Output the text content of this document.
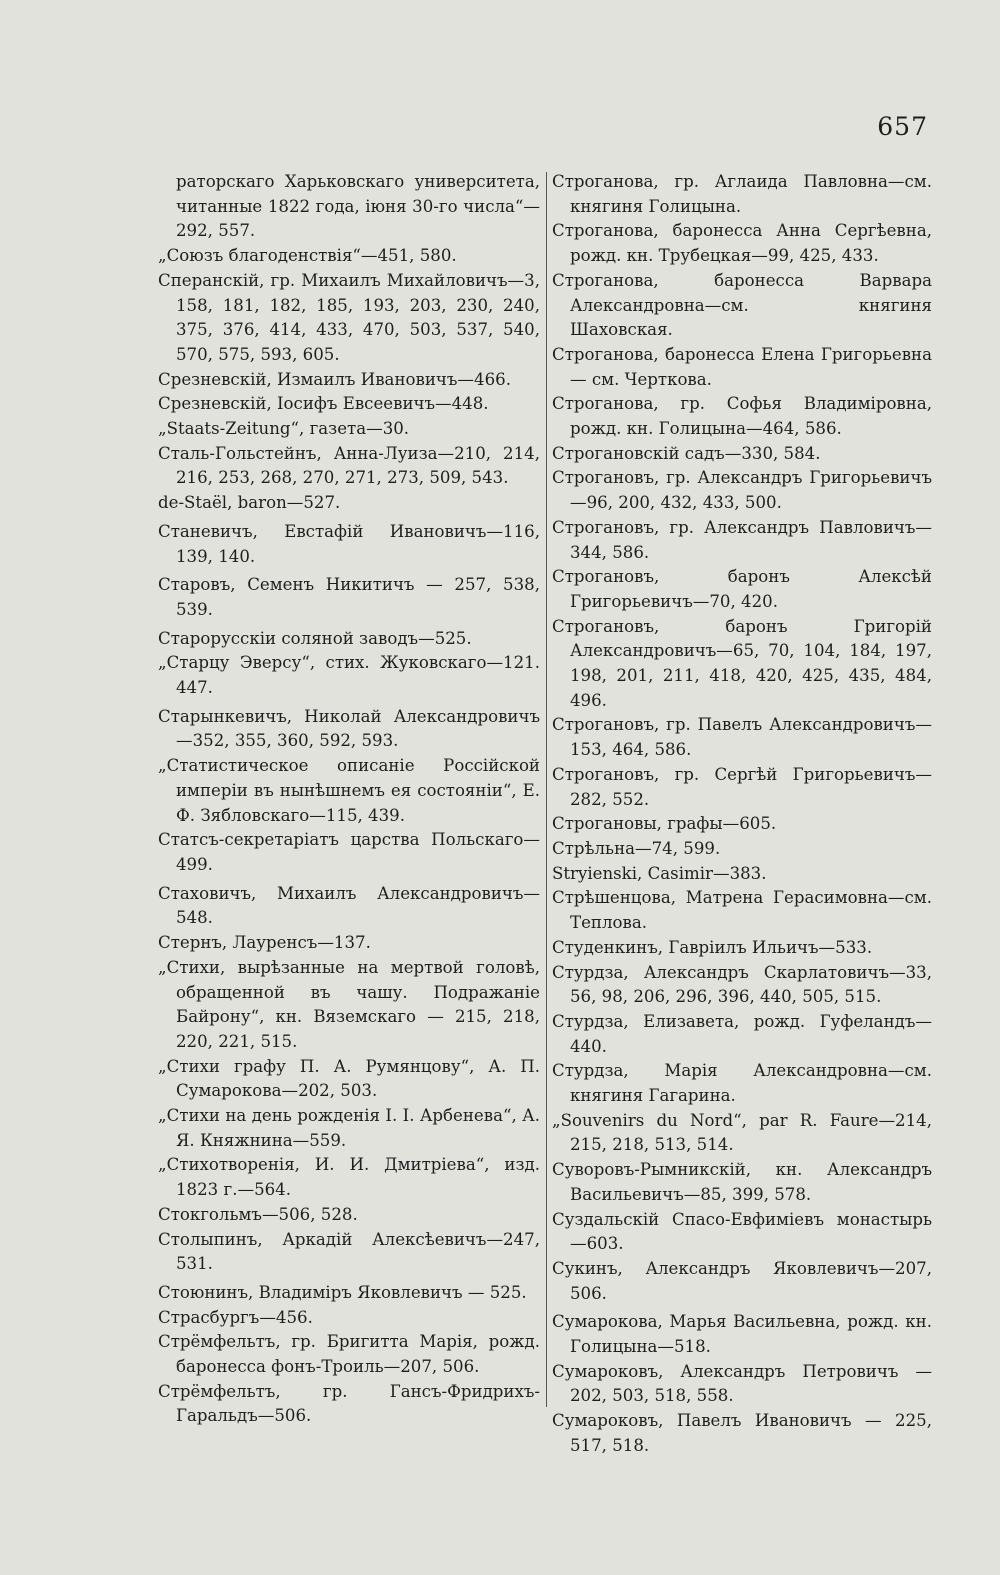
657

раторскаго Харьковскаго университета, читанные 1822 года, іюня 30-го числа“—292, 557.

„Союзъ благоденствія“—451, 580.

Сперанскій, гр. Михаилъ Михайловичъ—3, 158, 181, 182, 185, 193, 203, 230, 240, 375, 376, 414, 433, 470, 503, 537, 540, 570, 575, 593, 605.

Срезневскій, Измаилъ Ивановичъ—466.

Срезневскій, Іосифъ Евсеевичъ—448.

„Staats-Zeitung“, газета—30.

Сталь-Гольстейнъ, Анна-Луиза—210, 214, 216, 253, 268, 270, 271, 273, 509, 543.

de-Staël, baron—527.

Станевичъ, Евстафій Ивановичъ—116, 139, 140.

Старовъ, Семенъ Никитичъ — 257, 538, 539.

Старорусскіи соляной заводъ—525.

„Старцу Эверсу“, стих. Жуковскаго—121. 447.

Старынкевичъ, Николай Александровичъ—352, 355, 360, 592, 593.

„Статистическое описаніе Россійской имперіи въ нынѣшнемъ ея состояніи“, Е. Ф. Зябловскаго—115, 439.

Статсъ-секретаріатъ царства Польскаго—499.

Стаховичъ, Михаилъ Александровичъ—548.

Стернъ, Лауренсъ—137.

„Стихи, вырѣзанные на мертвой головѣ, обращенной въ чашу. Подражаніе Байрону“, кн. Вяземскаго — 215, 218, 220, 221, 515.

„Стихи графу П. А. Румянцову“, А. П. Сумарокова—202, 503.

„Стихи на день рожденія І. І. Арбенева“, А. Я. Княжнина—559.

„Стихотворенія, И. И. Дмитріева“, изд. 1823 г.—564.

Стокгольмъ—506, 528.

Столыпинъ, Аркадій Алексѣевичъ—247, 531.

Стоюнинъ, Владиміръ Яковлевичъ — 525.

Страсбургъ—456.

Стрёмфельтъ, гр. Бригитта Марія, рожд. баронесса фонъ-Троиль—207, 506.

Стрёмфельтъ, гр. Гансъ-Фридрихъ-Гаральдъ—506.

Строганова, гр. Аглаида Павловна—см. княгиня Голицына.

Строганова, баронесса Анна Сергѣевна, рожд. кн. Трубецкая—99, 425, 433.

Строганова, баронесса Варвара Александровна—см. княгиня Шаховская.

Строганова, баронесса Елена Григорьевна — см. Черткова.

Строганова, гр. Софья Владиміровна, рожд. кн. Голицына—464, 586.

Строгановскій садъ—330, 584.

Строгановъ, гр. Александръ Григорьевичъ—96, 200, 432, 433, 500.

Строгановъ, гр. Александръ Павловичъ—344, 586.

Строгановъ, баронъ Алексѣй Григорьевичъ—70, 420.

Строгановъ, баронъ Григорій Александровичъ—65, 70, 104, 184, 197, 198, 201, 211, 418, 420, 425, 435, 484, 496.

Строгановъ, гр. Павелъ Александровичъ—153, 464, 586.

Строгановъ, гр. Сергѣй Григорьевичъ—282, 552.

Строгановы, графы—605.

Стрѣльна—74, 599.

Stryienski, Casimir—383.

Стрѣшенцова, Матрена Герасимовна—см. Теплова.

Студенкинъ, Гавріилъ Ильичъ—533.

Стурдза, Александръ Скарлатовичъ—33, 56, 98, 206, 296, 396, 440, 505, 515.

Стурдза, Елизавета, рожд. Гуфеландъ—440.

Стурдза, Марія Александровна—см. княгиня Гагарина.

„Souvenirs du Nord“, par R. Faure—214, 215, 218, 513, 514.

Суворовъ-Рымникскій, кн. Александръ Васильевичъ—85, 399, 578.

Суздальскій Спасо-Евфиміевъ монастырь—603.

Сукинъ, Александръ Яковлевичъ—207, 506.

Сумарокова, Марья Васильевна, рожд. кн. Голицына—518.

Сумароковъ, Александръ Петровичъ — 202, 503, 518, 558.

Сумароковъ, Павелъ Ивановичъ — 225, 517, 518.
